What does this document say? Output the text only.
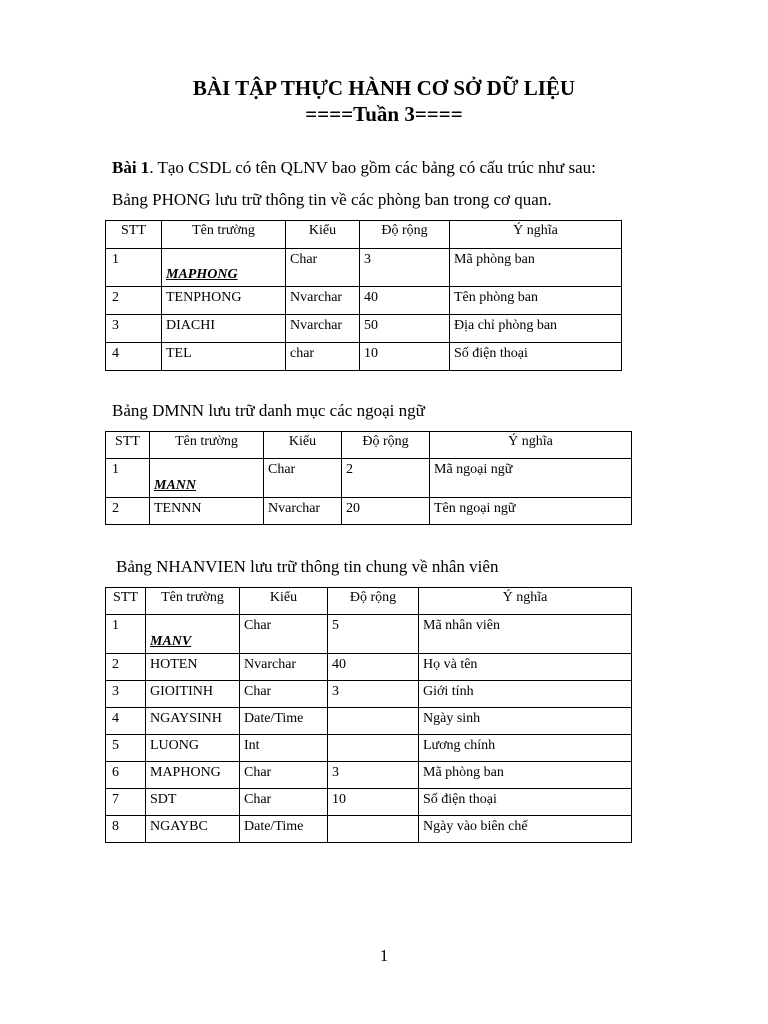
BÀI TẬP THỰC HÀNH CƠ SỞ DỮ LIỆU
====Tuần 3====

Bài 1. Tạo CSDL có tên QLNV bao gồm các bảng có cấu trúc như sau:

Bảng PHONG lưu trữ thông tin về các phòng ban trong cơ quan.

STT	Tên trường	Kiểu	Độ rộng	Ý nghĩa
1	MAPHONG	Char	3	Mã phòng ban
2	TENPHONG	Nvarchar	40	Tên phòng ban
3	DIACHI	Nvarchar	50	Địa chỉ phòng ban
4	TEL	char	10	Số điện thoại

Bảng DMNN lưu trữ danh mục các ngoại ngữ

STT	Tên trường	Kiểu	Độ rộng	Ý nghĩa
1	MANN	Char	2	Mã ngoại ngữ
2	TENNN	Nvarchar	20	Tên ngoại ngữ

Bảng NHANVIEN lưu trữ thông tin chung về nhân viên

STT	Tên trường	Kiểu	Độ rộng	Ý nghĩa
1	MANV	Char	5	Mã nhân viên
2	HOTEN	Nvarchar	40	Họ và tên
3	GIOITINH	Char	3	Giới tính
4	NGAYSINH	Date/Time		Ngày sinh
5	LUONG	Int		Lương chính
6	MAPHONG	Char	3	Mã phòng ban
7	SDT	Char	10	Số điện thoại
8	NGAYBC	Date/Time		Ngày vào biên chế
1
